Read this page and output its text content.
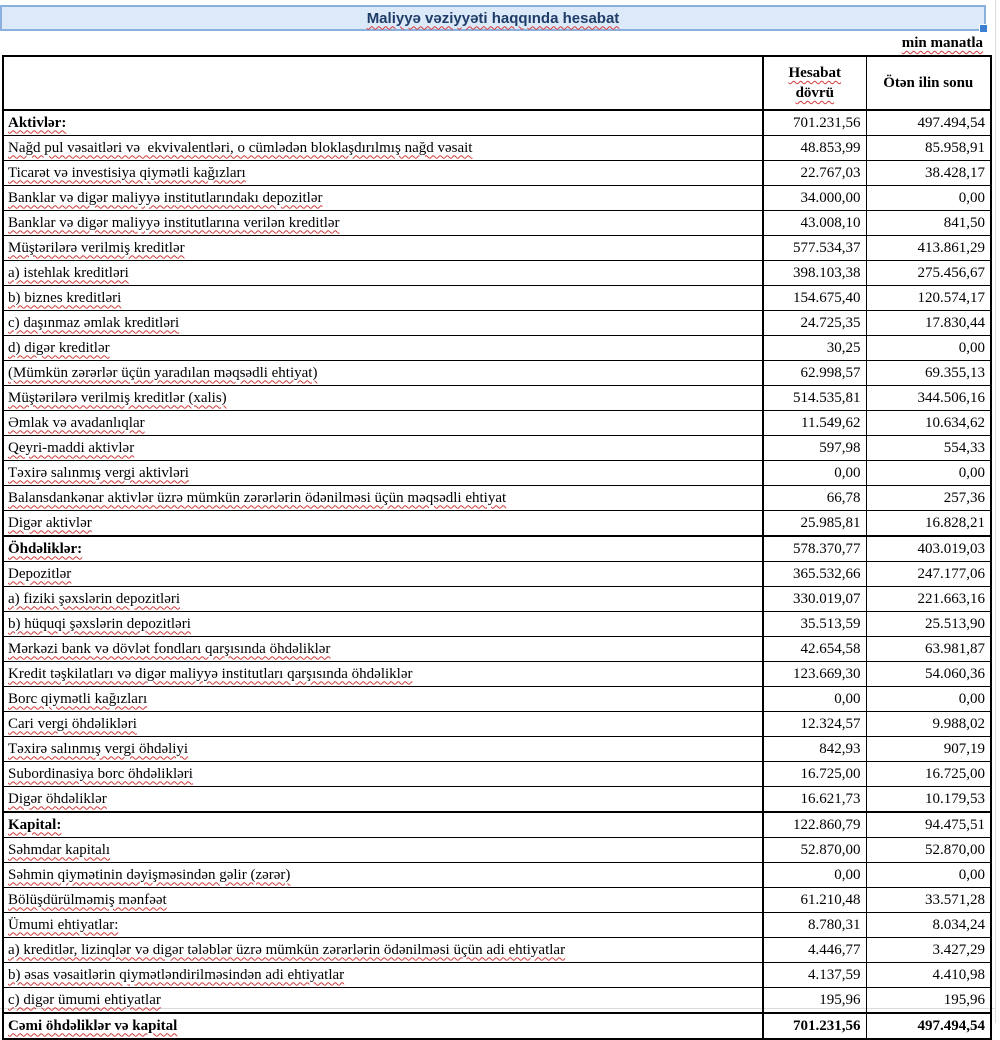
Maliyyə vəziyyəti haqqında hesabat
min manatla
	Hesabat dövrü	Ötən ilin sonu
Aktivlər:	701.231,56	497.494,54
Nağd pul vəsaitləri və  ekvivalentləri, o cümlədən bloklaşdırılmış nağd vəsait	48.853,99	85.958,91
Ticarət və investisiya qiymətli kağızları	22.767,03	38.428,17
Banklar və digər maliyyə institutlarındakı depozitlər	34.000,00	0,00
Banklar və digər maliyyə institutlarına verilən kreditlər	43.008,10	841,50
Müştərilərə verilmiş kreditlər	577.534,37	413.861,29
a) istehlak kreditləri	398.103,38	275.456,67
b) biznes kreditləri	154.675,40	120.574,17
c) daşınmaz əmlak kreditləri	24.725,35	17.830,44
d) digər kreditlər	30,25	0,00
(Mümkün zərərlər üçün yaradılan məqsədli ehtiyat)	62.998,57	69.355,13
Müştərilərə verilmiş kreditlər (xalis)	514.535,81	344.506,16
Əmlak və avadanlıqlar	11.549,62	10.634,62
Qeyri-maddi aktivlər	597,98	554,33
Təxirə salınmış vergi aktivləri	0,00	0,00
Balansdankənar aktivlər üzrə mümkün zərərlərin ödənilməsi üçün məqsədli ehtiyat	66,78	257,36
Digər aktivlər	25.985,81	16.828,21
Öhdəliklər:	578.370,77	403.019,03
Depozitlər	365.532,66	247.177,06
a) fiziki şəxslərin depozitləri	330.019,07	221.663,16
b) hüquqi şəxslərin depozitləri	35.513,59	25.513,90
Mərkəzi bank və dövlət fondları qarşısında öhdəliklər	42.654,58	63.981,87
Kredit təşkilatları və digər maliyyə institutları qarşısında öhdəliklər	123.669,30	54.060,36
Borc qiymətli kağızları	0,00	0,00
Cari vergi öhdəlikləri	12.324,57	9.988,02
Təxirə salınmış vergi öhdəliyi	842,93	907,19
Subordinasiya borc öhdəlikləri	16.725,00	16.725,00
Digər öhdəliklər	16.621,73	10.179,53
Kapital:	122.860,79	94.475,51
Səhmdar kapitalı	52.870,00	52.870,00
Səhmin qiymətinin dəyişməsindən gəlir (zərər)	0,00	0,00
Bölüşdürülməmiş mənfəət	61.210,48	33.571,28
Ümumi ehtiyatlar:	8.780,31	8.034,24
a) kreditlər, lizinqlər və digər tələblər üzrə mümkün zərərlərin ödənilməsi üçün adi ehtiyatlar	4.446,77	3.427,29
b) əsas vəsaitlərin qiymətləndirilməsindən adi ehtiyatlar	4.137,59	4.410,98
c) digər ümumi ehtiyatlar	195,96	195,96
Cəmi öhdəliklər və kapital	701.231,56	497.494,54
